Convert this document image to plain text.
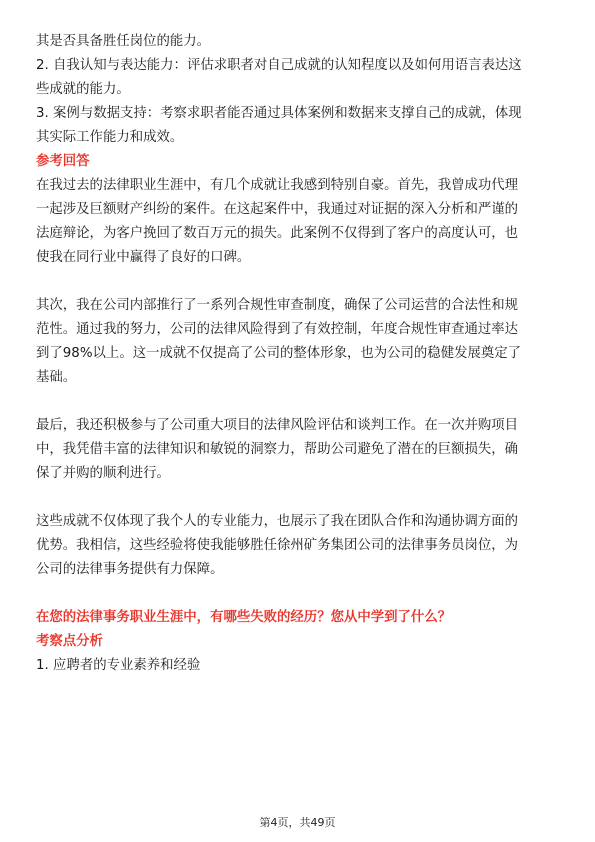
其是否具备胜任岗位的能力。
2. 自我认知与表达能力：评估求职者对自己成就的认知程度以及如何用语言表达这
些成就的能力。
3. 案例与数据支持：考察求职者能否通过具体案例和数据来支撑自己的成就，体现
其实际工作能力和成效。
参考回答
在我过去的法律职业生涯中，有几个成就让我感到特别自豪。首先，我曾成功代理
一起涉及巨额财产纠纷的案件。在这起案件中，我通过对证据的深入分析和严谨的
法庭辩论，为客户挽回了数百万元的损失。此案例不仅得到了客户的高度认可，也
使我在同行业中赢得了良好的口碑。
其次，我在公司内部推行了一系列合规性审查制度，确保了公司运营的合法性和规
范性。通过我的努力，公司的法律风险得到了有效控制，年度合规性审查通过率达
到了98%以上。这一成就不仅提高了公司的整体形象，也为公司的稳健发展奠定了
基础。
最后，我还积极参与了公司重大项目的法律风险评估和谈判工作。在一次并购项目
中，我凭借丰富的法律知识和敏锐的洞察力，帮助公司避免了潜在的巨额损失，确
保了并购的顺利进行。
这些成就不仅体现了我个人的专业能力，也展示了我在团队合作和沟通协调方面的
优势。我相信，这些经验将使我能够胜任徐州矿务集团公司的法律事务员岗位，为
公司的法律事务提供有力保障。
在您的法律事务职业生涯中，有哪些失败的经历？您从中学到了什么？
考察点分析
1. 应聘者的专业素养和经验
第4页，共49页
